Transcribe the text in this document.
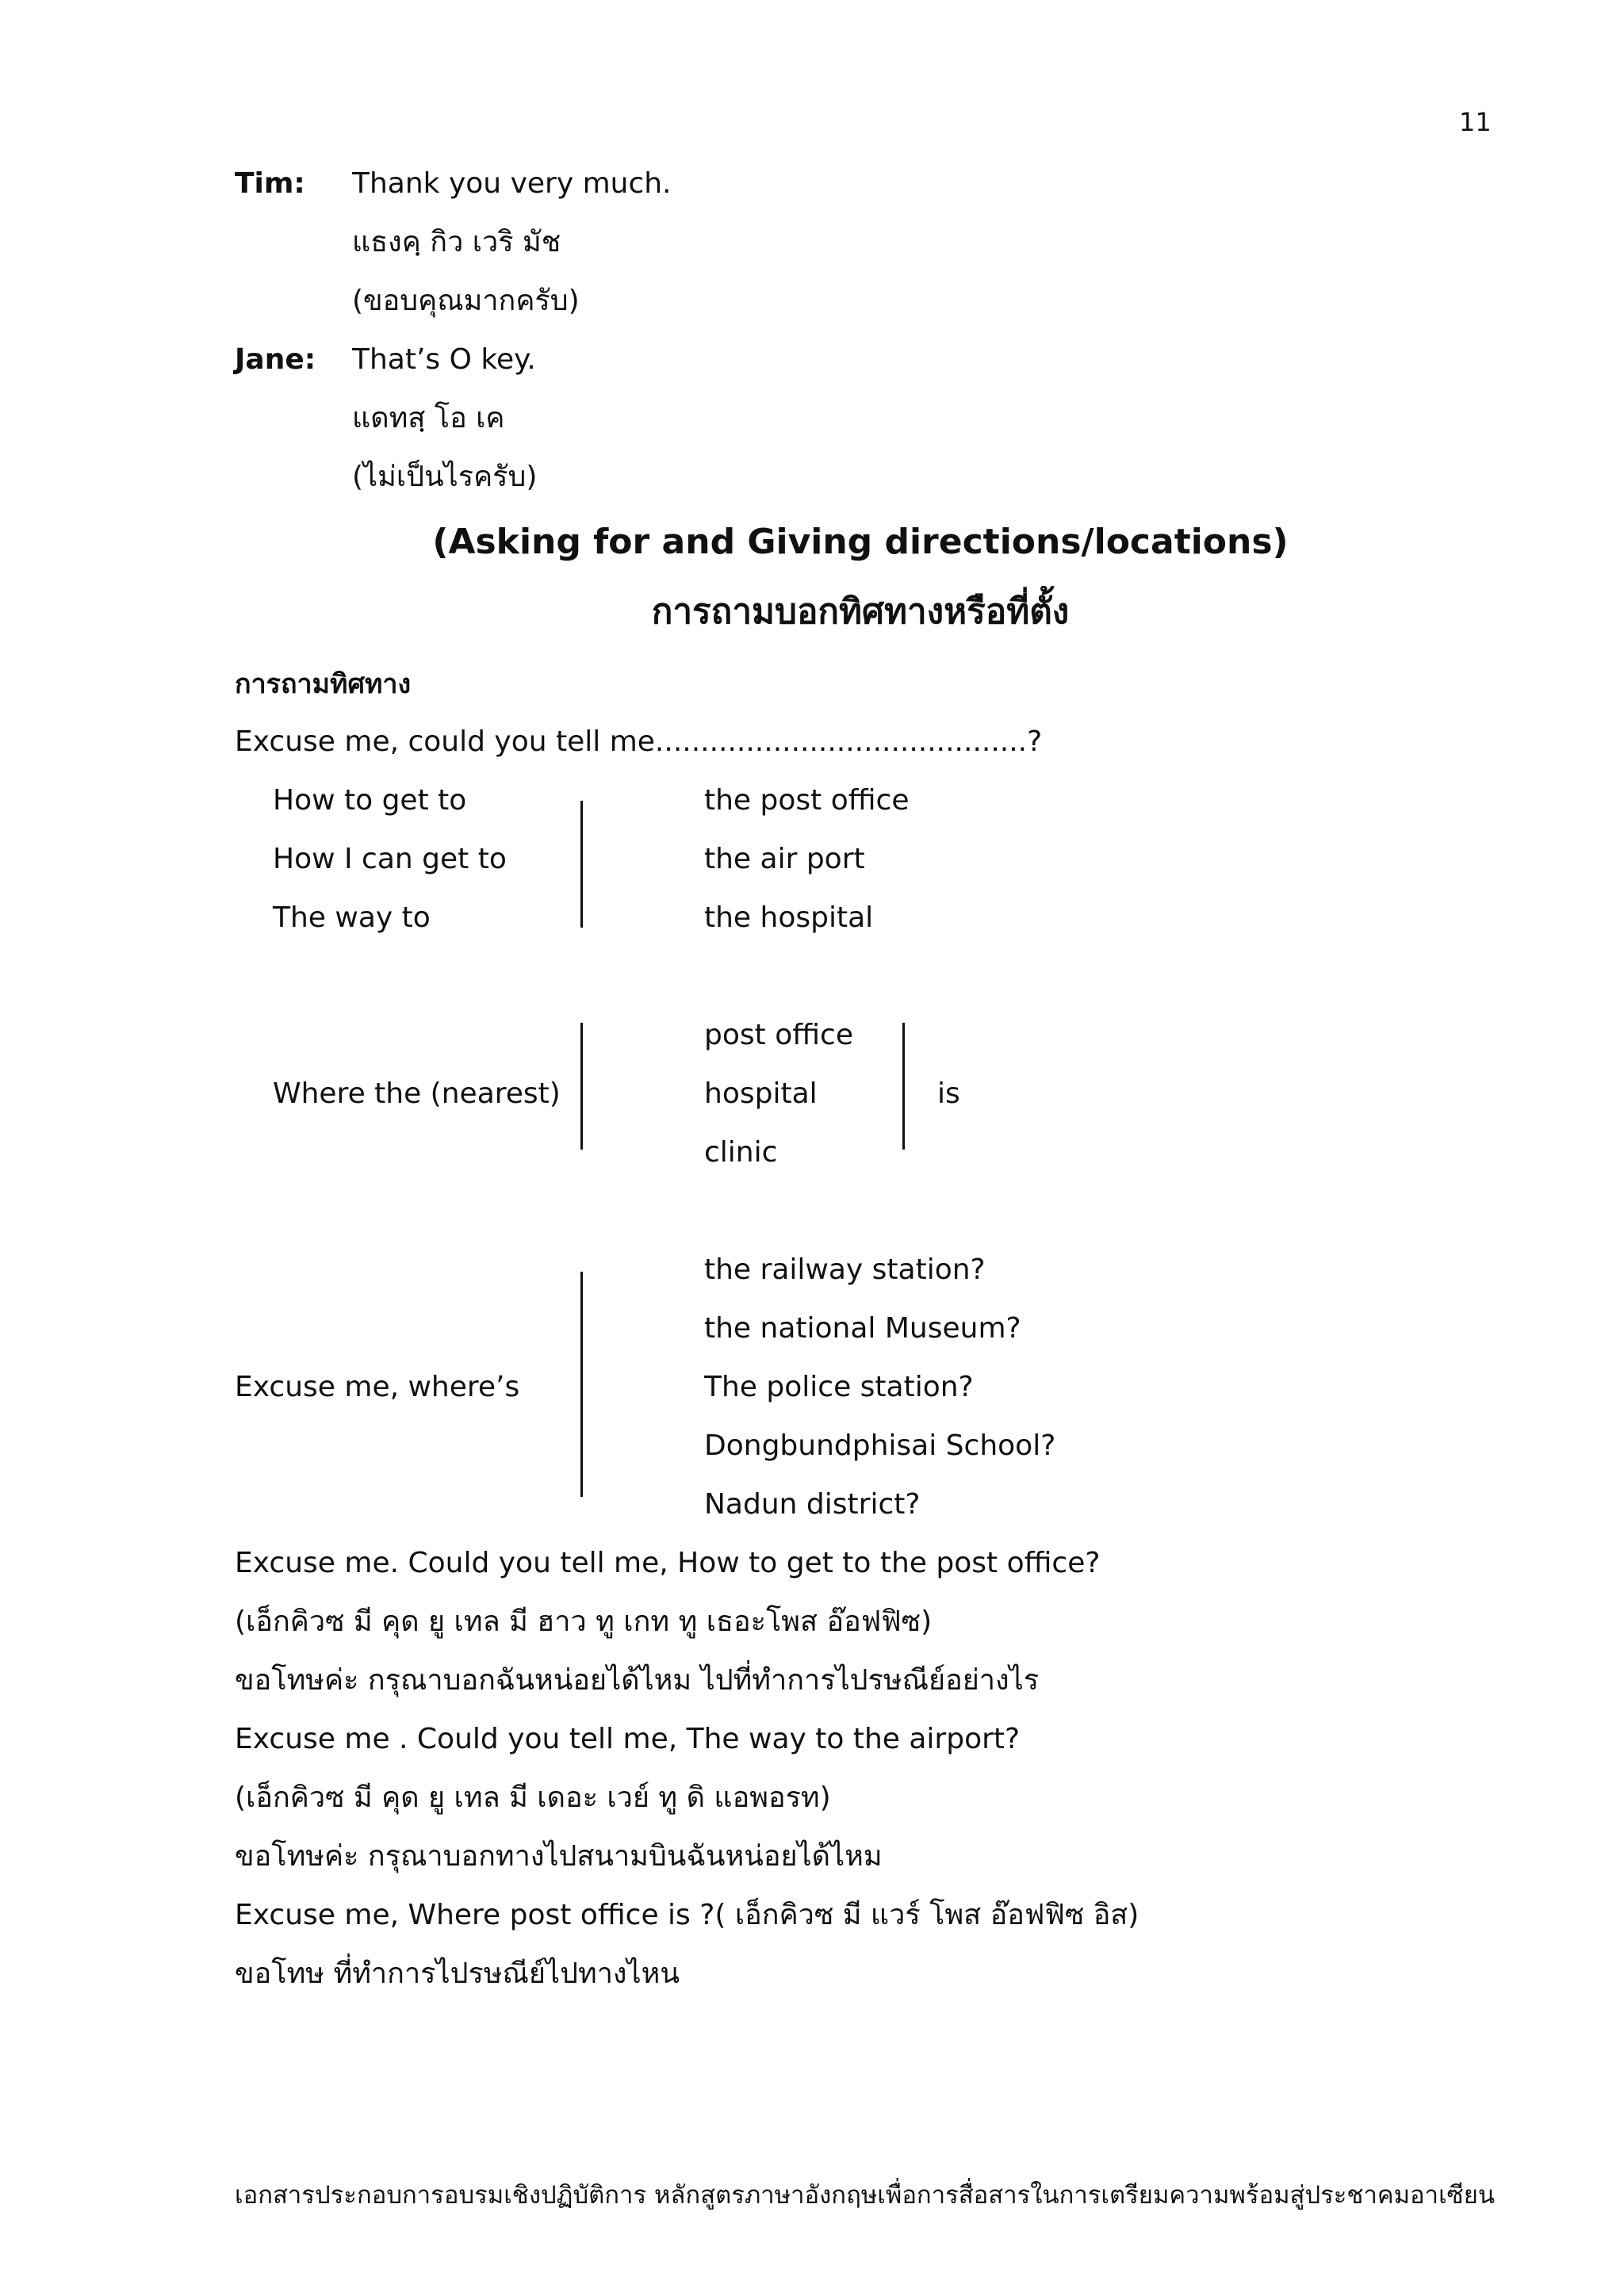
11
Tim: Thank you very much.
แธงคฺ กิว เวริ มัช
(ขอบคุณมากครับ)
Jane: That’s O key.
แดทสฺ โอ เค
(ไม่เป็นไรครับ)
(Asking for and Giving directions/locations)
การถามบอกทิศทางหรือที่ตั้ง
การถามทิศทาง
Excuse me, could you tell me.........................................?
How to get to
How I can get to
The way to
the post office
the air port
the hospital
Where the (nearest)
post office
hospital
clinic
is
Excuse me, where’s
the railway station?
the national Museum?
The police station?
Dongbundphisai School?
Nadun district?
Excuse me. Could you tell me, How to get to the post office?
(เอ็กคิวซ มี คุด ยู เทล มี ฮาว ทู เกท ทู เธอะโพส อ๊อฟฟิซ)
ขอโทษค่ะ กรุณาบอกฉันหน่อยได้ไหม ไปที่ทำการไปรษณีย์อย่างไร
Excuse me . Could you tell me, The way to the airport?
(เอ็กคิวซ มี คุด ยู เทล มี เดอะ เวย์ ทู ดิ แอพอรท)
ขอโทษค่ะ กรุณาบอกทางไปสนามบินฉันหน่อยได้ไหม
Excuse me, Where post office is ?( เอ็กคิวซ มี แวร์ โพส อ๊อฟฟิซ อิส)
ขอโทษ ที่ทำการไปรษณีย์ไปทางไหน
เอกสารประกอบการอบรมเชิงปฏิบัติการ หลักสูตรภาษาอังกฤษเพื่อการสื่อสารในการเตรียมความพร้อมสู่ประชาคมอาเซียน
